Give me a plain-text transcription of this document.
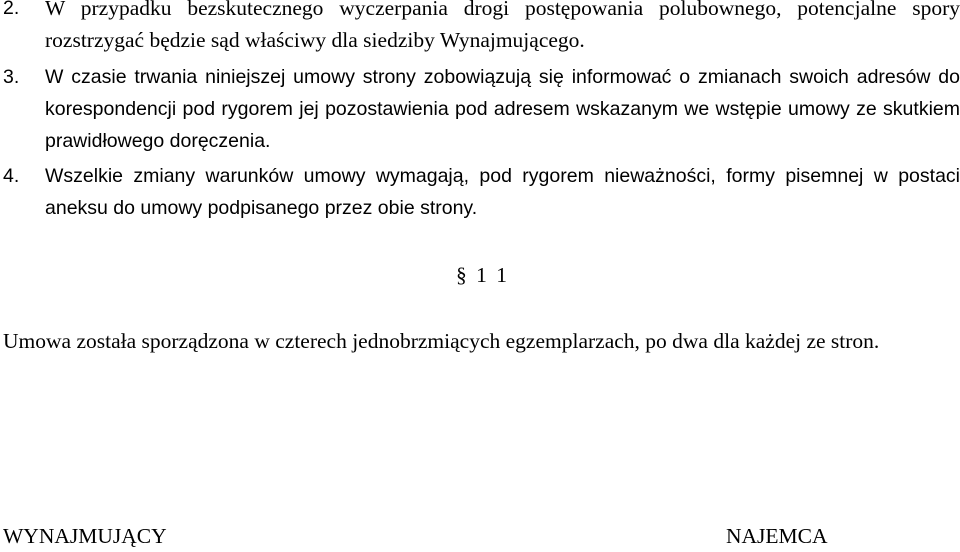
2. W przypadku bezskutecznego wyczerpania drogi postępowania polubownego, potencjalne spory rozstrzygać będzie sąd właściwy dla siedziby Wynajmującego.
3. W czasie trwania niniejszej umowy strony zobowiązują się informować o zmianach swoich adresów do korespondencji pod rygorem jej pozostawienia pod adresem wskazanym we wstępie umowy ze skutkiem prawidłowego doręczenia.
4. Wszelkie zmiany warunków umowy wymagają, pod rygorem nieważności, formy pisemnej w postaci aneksu do umowy podpisanego przez obie strony.
§ 1 1
Umowa została sporządzona w czterech jednobrzmiących egzemplarzach, po dwa dla każdej ze stron.
WYNAJMUJĄCY	NAJEMCA
